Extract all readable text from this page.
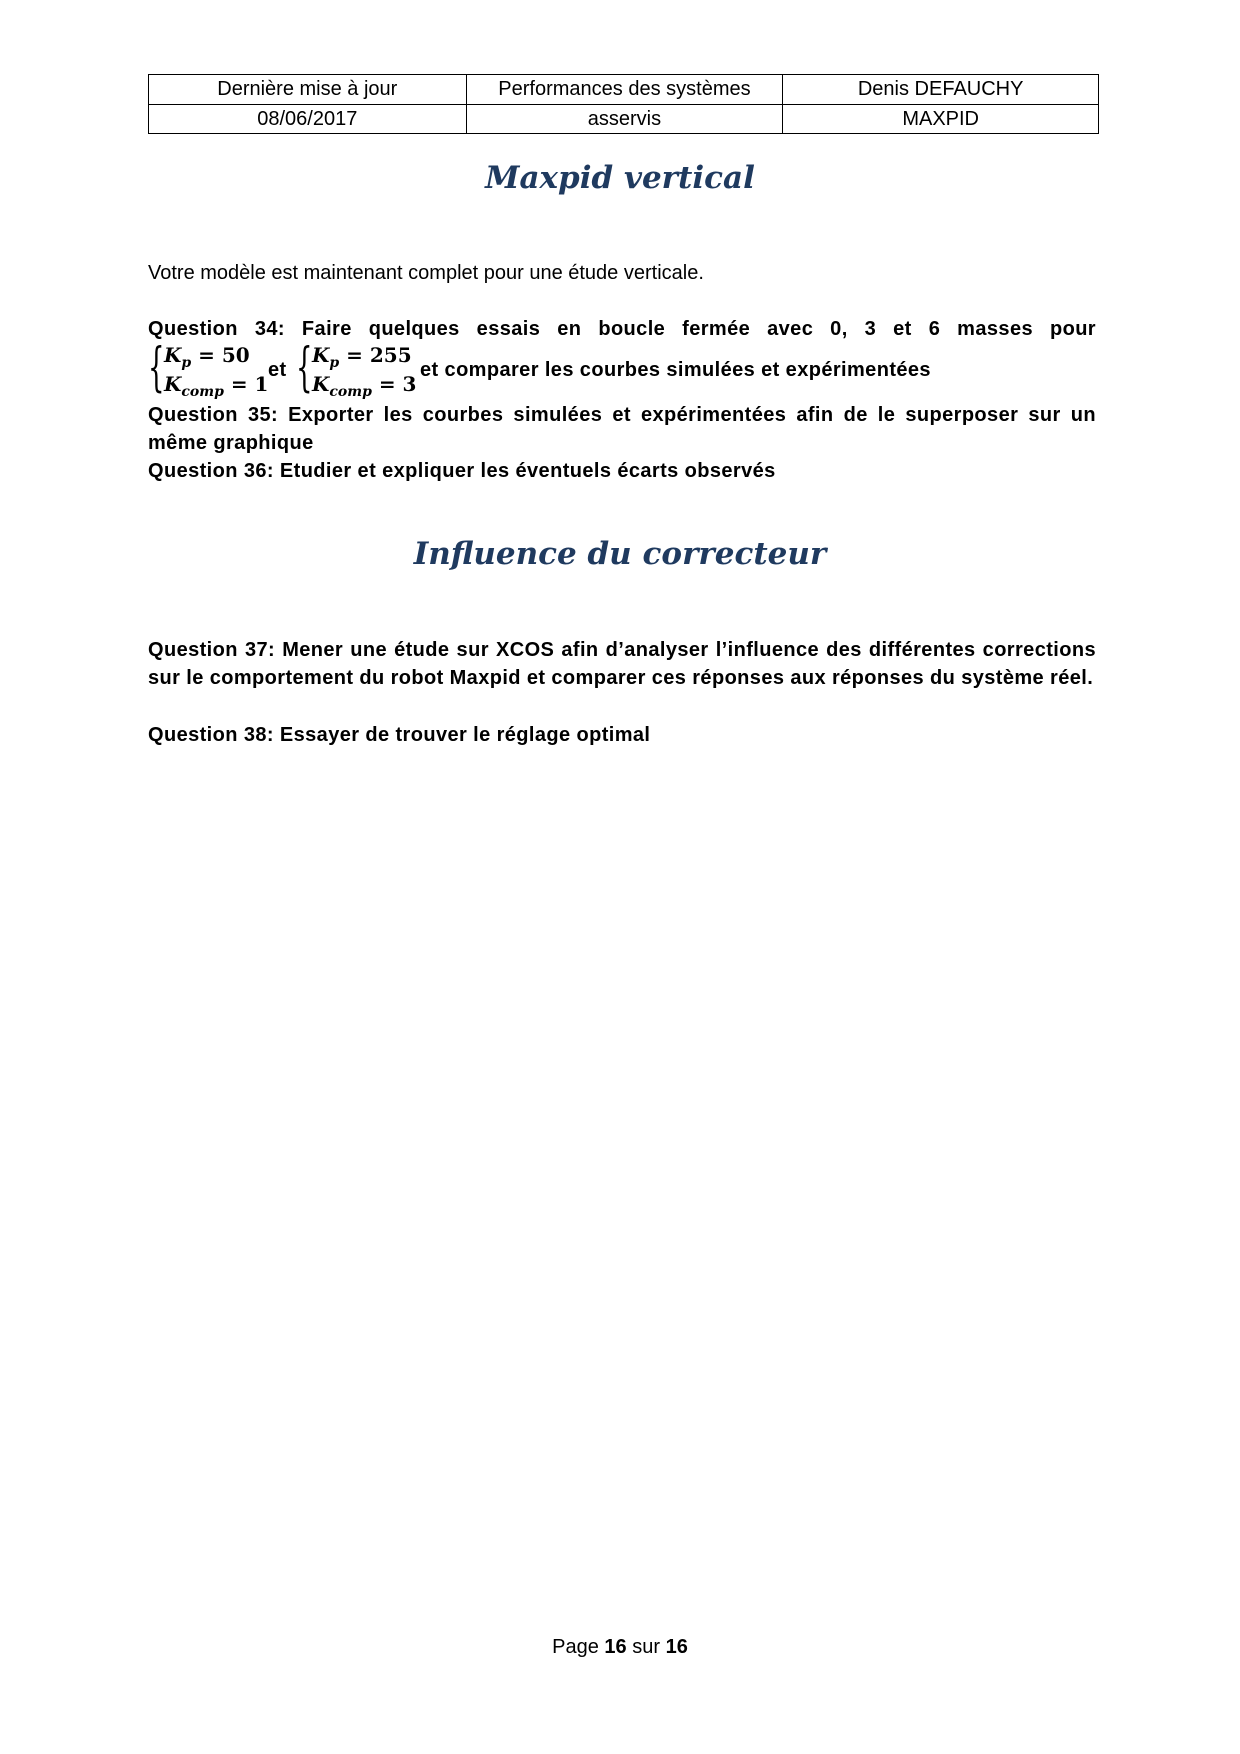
Dernière mise à jour	Performances des systèmes	Denis DEFAUCHY
08/06/2017	asservis	MAXPID
Maxpid vertical

Votre modèle est maintenant complet pour une étude verticale.

Question 34: Faire quelques essais en boucle fermée avec 0, 3 et 6 masses pour

{ $K_p = 50$
$K_{comp} = 1$
et { $K_p = 255$
$K_{comp} = 3$
et comparer les courbes simulées et expérimentées

Question 35: Exporter les courbes simulées et expérimentées afin de le superposer sur un même graphique

Question 36: Etudier et expliquer les éventuels écarts observés

Influence du correcteur

Question 37: Mener une étude sur XCOS afin d’analyser l’influence des différentes corrections sur le comportement du robot Maxpid et comparer ces réponses aux réponses du système réel.

Question 38: Essayer de trouver le réglage optimal

Page 16 sur 16
